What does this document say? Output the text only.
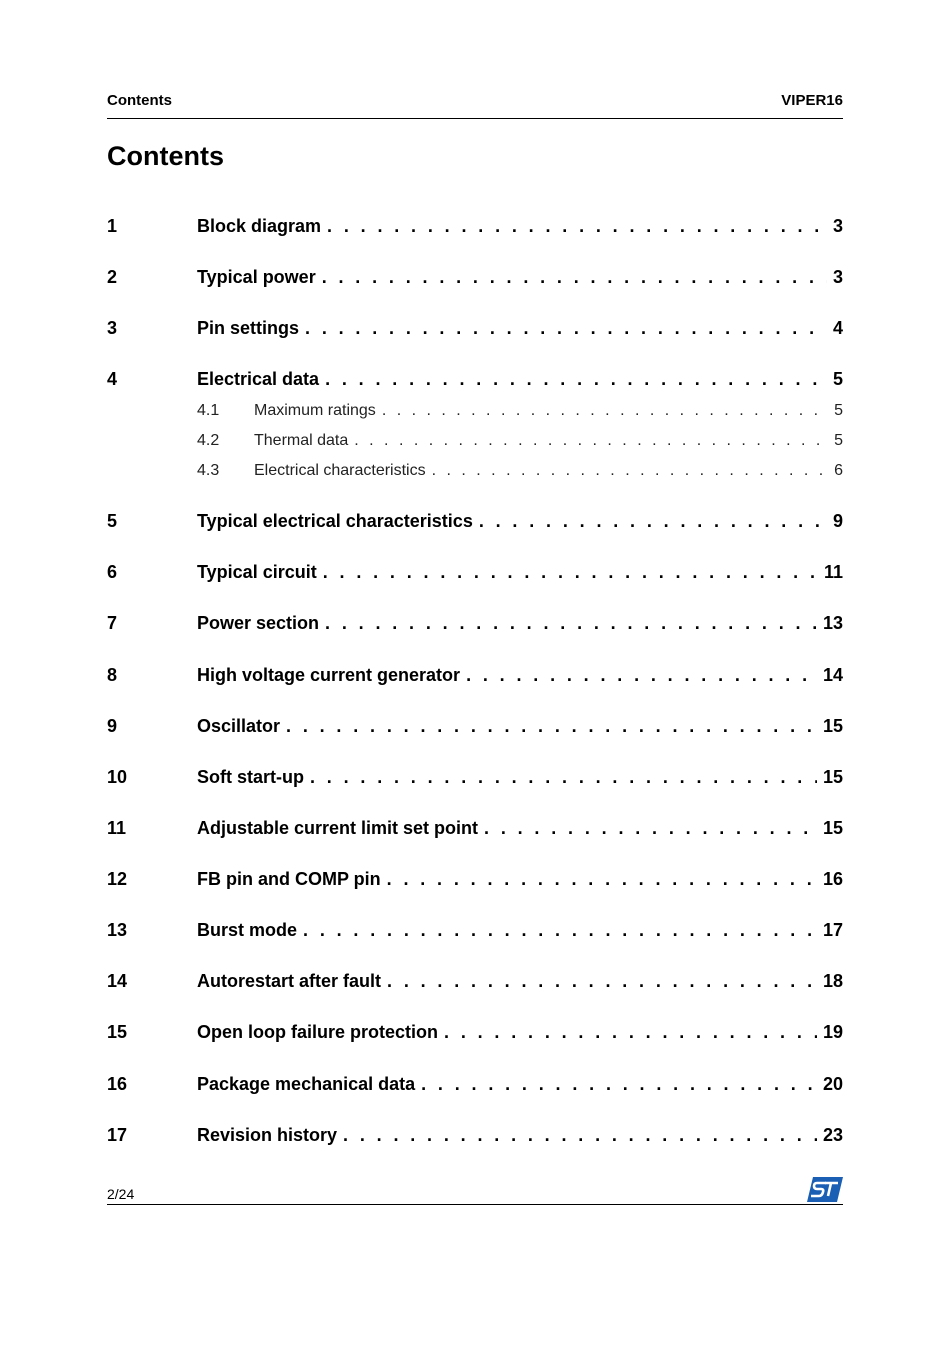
Contents	VIPER16
Contents
1	Block diagram . . .	3
2	Typical power . . .	3
3	Pin settings . . .	4
4	Electrical data . . .	5
4.1	Maximum ratings . . .	5
4.2	Thermal data . . .	5
4.3	Electrical characteristics . . .	6
5	Typical electrical characteristics . . .	9
6	Typical circuit . . .	11
7	Power section . . .	13
8	High voltage current generator . . .	14
9	Oscillator . . .	15
10	Soft start-up . . .	15
11	Adjustable current limit set point . . .	15
12	FB pin and COMP pin . . .	16
13	Burst mode . . .	17
14	Autorestart after fault . . .	18
15	Open loop failure protection . . .	19
16	Package mechanical data . . .	20
17	Revision history . . .	23
2/24
